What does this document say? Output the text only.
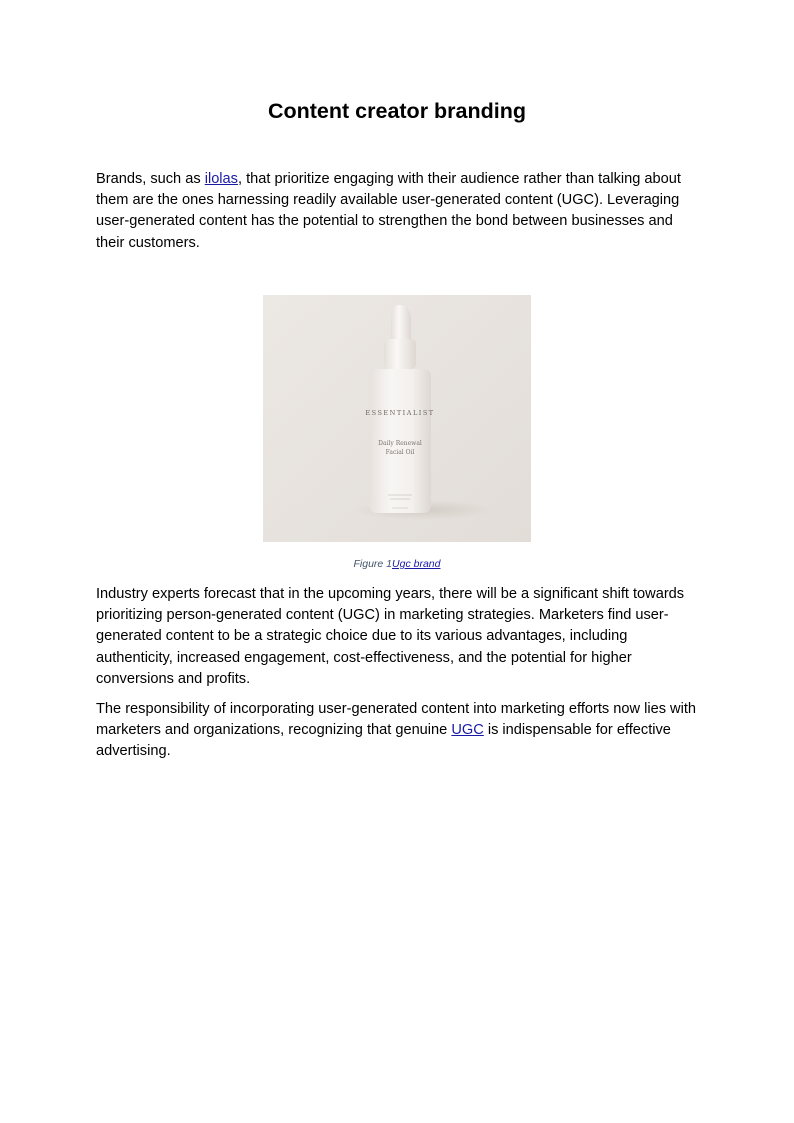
Content creator branding

Brands, such as ilolas, that prioritize engaging with their audience rather than talking about them are the ones harnessing readily available user-generated content (UGC). Leveraging user-generated content has the potential to strengthen the bond between businesses and their customers.

ESSENTIALIST
Daily Renewal
Facial Oil
Figure 1Ugc brand

Industry experts forecast that in the upcoming years, there will be a significant shift towards prioritizing person-generated content (UGC) in marketing strategies. Marketers find user-generated content to be a strategic choice due to its various advantages, including authenticity, increased engagement, cost-effectiveness, and the potential for higher conversions and profits.

The responsibility of incorporating user-generated content into marketing efforts now lies with marketers and organizations, recognizing that genuine UGC is indispensable for effective advertising.
